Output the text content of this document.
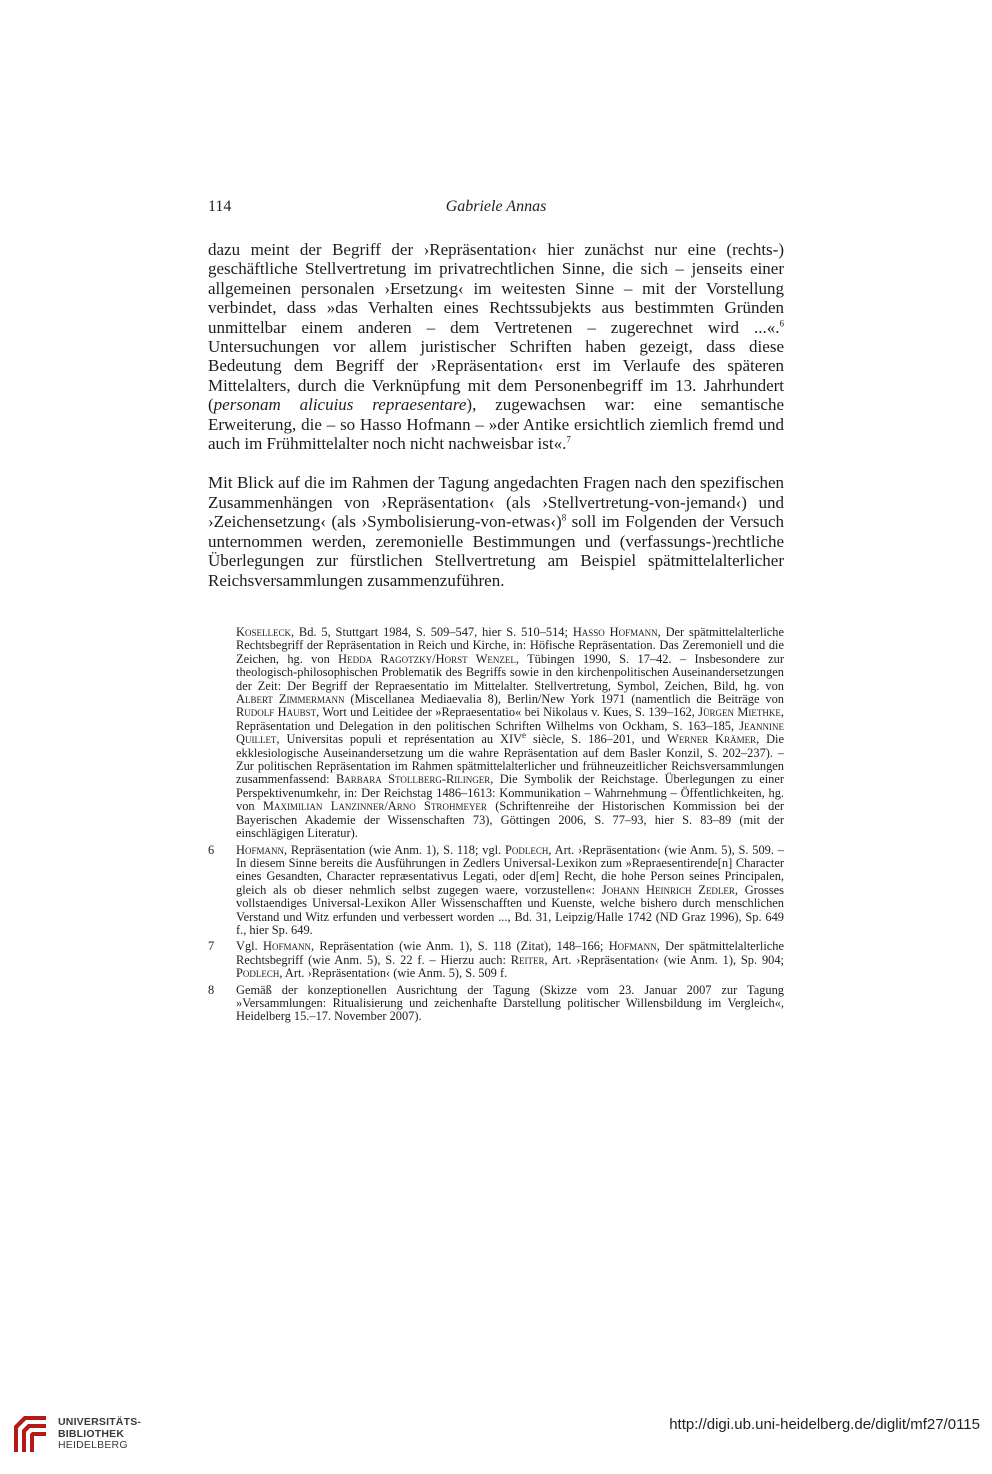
114	Gabriele Annas

dazu meint der Begriff der ›Repräsentation‹ hier zunächst nur eine (rechts-) geschäftliche Stellvertretung im privatrechtlichen Sinne, die sich – jenseits einer allgemeinen personalen ›Ersetzung‹ im weitesten Sinne – mit der Vorstellung verbindet, dass »das Verhalten eines Rechtssubjekts aus bestimmten Gründen unmittelbar einem anderen – dem Vertretenen – zugerechnet wird ...«.$^6$ Untersuchungen vor allem juristischer Schriften haben gezeigt, dass diese Bedeutung dem Begriff der ›Repräsentation‹ erst im Verlaufe des späteren Mittelalters, durch die Verknüpfung mit dem Personenbegriff im 13. Jahrhundert (personam alicuius repraesentare), zugewachsen war: eine semantische Erweiterung, die – so Hasso Hofmann – »der Antike ersichtlich ziemlich fremd und auch im Frühmittelalter noch nicht nachweisbar ist«.$^7$

Mit Blick auf die im Rahmen der Tagung angedachten Fragen nach den spezifischen Zusammenhängen von ›Repräsentation‹ (als ›Stellvertretung-von-jemand‹) und ›Zeichensetzung‹ (als ›Symbolisierung-von-etwas‹)$^8$ soll im Folgenden der Versuch unternommen werden, zeremonielle Bestimmungen und (verfassungs-)rechtliche Überlegungen zur fürstlichen Stellvertretung am Beispiel spätmittelalterlicher Reichsversammlungen zusammenzuführen.

Koselleck, Bd. 5, Stuttgart 1984, S. 509–547, hier S. 510–514; Hasso Hofmann, Der spätmittelalterliche Rechtsbegriff der Repräsentation in Reich und Kirche, in: Höfische Repräsentation. Das Zeremoniell und die Zeichen, hg. von Hedda Ragotzky/Horst Wenzel, Tübingen 1990, S. 17–42. – Insbesondere zur theologisch-philosophischen Problematik des Begriffs sowie in den kirchenpolitischen Auseinandersetzungen der Zeit: Der Begriff der Repraesentatio im Mittelalter. Stellvertretung, Symbol, Zeichen, Bild, hg. von Albert Zimmermann (Miscellanea Mediaevalia 8), Berlin/New York 1971 (namentlich die Beiträge von Rudolf Haubst, Wort und Leitidee der »Repraesentatio« bei Nikolaus v. Kues, S. 139–162, Jürgen Miethke, Repräsentation und Delegation in den politischen Schriften Wilhelms von Ockham, S. 163–185, Jeannine Quillet, Universitas populi et représentation au XIVe siècle, S. 186–201, und Werner Krämer, Die ekklesiologische Auseinandersetzung um die wahre Repräsentation auf dem Basler Konzil, S. 202–237). – Zur politischen Repräsentation im Rahmen spätmittelalterlicher und frühneuzeitlicher Reichsversammlungen zusammenfassend: Barbara Stollberg-Rilinger, Die Symbolik der Reichstage. Überlegungen zu einer Perspektivenumkehr, in: Der Reichstag 1486–1613: Kommunikation – Wahrnehmung – Öffentlichkeiten, hg. von Maximilian Lanzinner/Arno Strohmeyer (Schriftenreihe der Historischen Kommission bei der Bayerischen Akademie der Wissenschaften 73), Göttingen 2006, S. 77–93, hier S. 83–89 (mit der einschlägigen Literatur).
6 Hofmann, Repräsentation (wie Anm. 1), S. 118; vgl. Podlech, Art. ›Repräsentation‹ (wie Anm. 5), S. 509. – In diesem Sinne bereits die Ausführungen in Zedlers Universal-Lexikon zum »Repraesentirende[n] Character eines Gesandten, Character repræsentativus Legati, oder d[em] Recht, die hohe Person seines Principalen, gleich als ob dieser nehmlich selbst zugegen waere, vorzustellen«: Johann Heinrich Zedler, Grosses vollstaendiges Universal-Lexikon Aller Wissenschafften und Kuenste, welche bishero durch menschlichen Verstand und Witz erfunden und verbessert worden ..., Bd. 31, Leipzig/Halle 1742 (ND Graz 1996), Sp. 649 f., hier Sp. 649.
7 Vgl. Hofmann, Repräsentation (wie Anm. 1), S. 118 (Zitat), 148–166; Hofmann, Der spätmittelalterliche Rechtsbegriff (wie Anm. 5), S. 22 f. – Hierzu auch: Reiter, Art. ›Repräsentation‹ (wie Anm. 1), Sp. 904; Podlech, Art. ›Repräsentation‹ (wie Anm. 5), S. 509 f.
8 Gemäß der konzeptionellen Ausrichtung der Tagung (Skizze vom 23. Januar 2007 zur Tagung »Versammlungen: Ritualisierung und zeichenhafte Darstellung politischer Willensbildung im Vergleich«, Heidelberg 15.–17. November 2007).
UNIVERSITÄTS-
BIBLIOTHEK
HEIDELBERG
http://digi.ub.uni-heidelberg.de/diglit/mf27/0115
